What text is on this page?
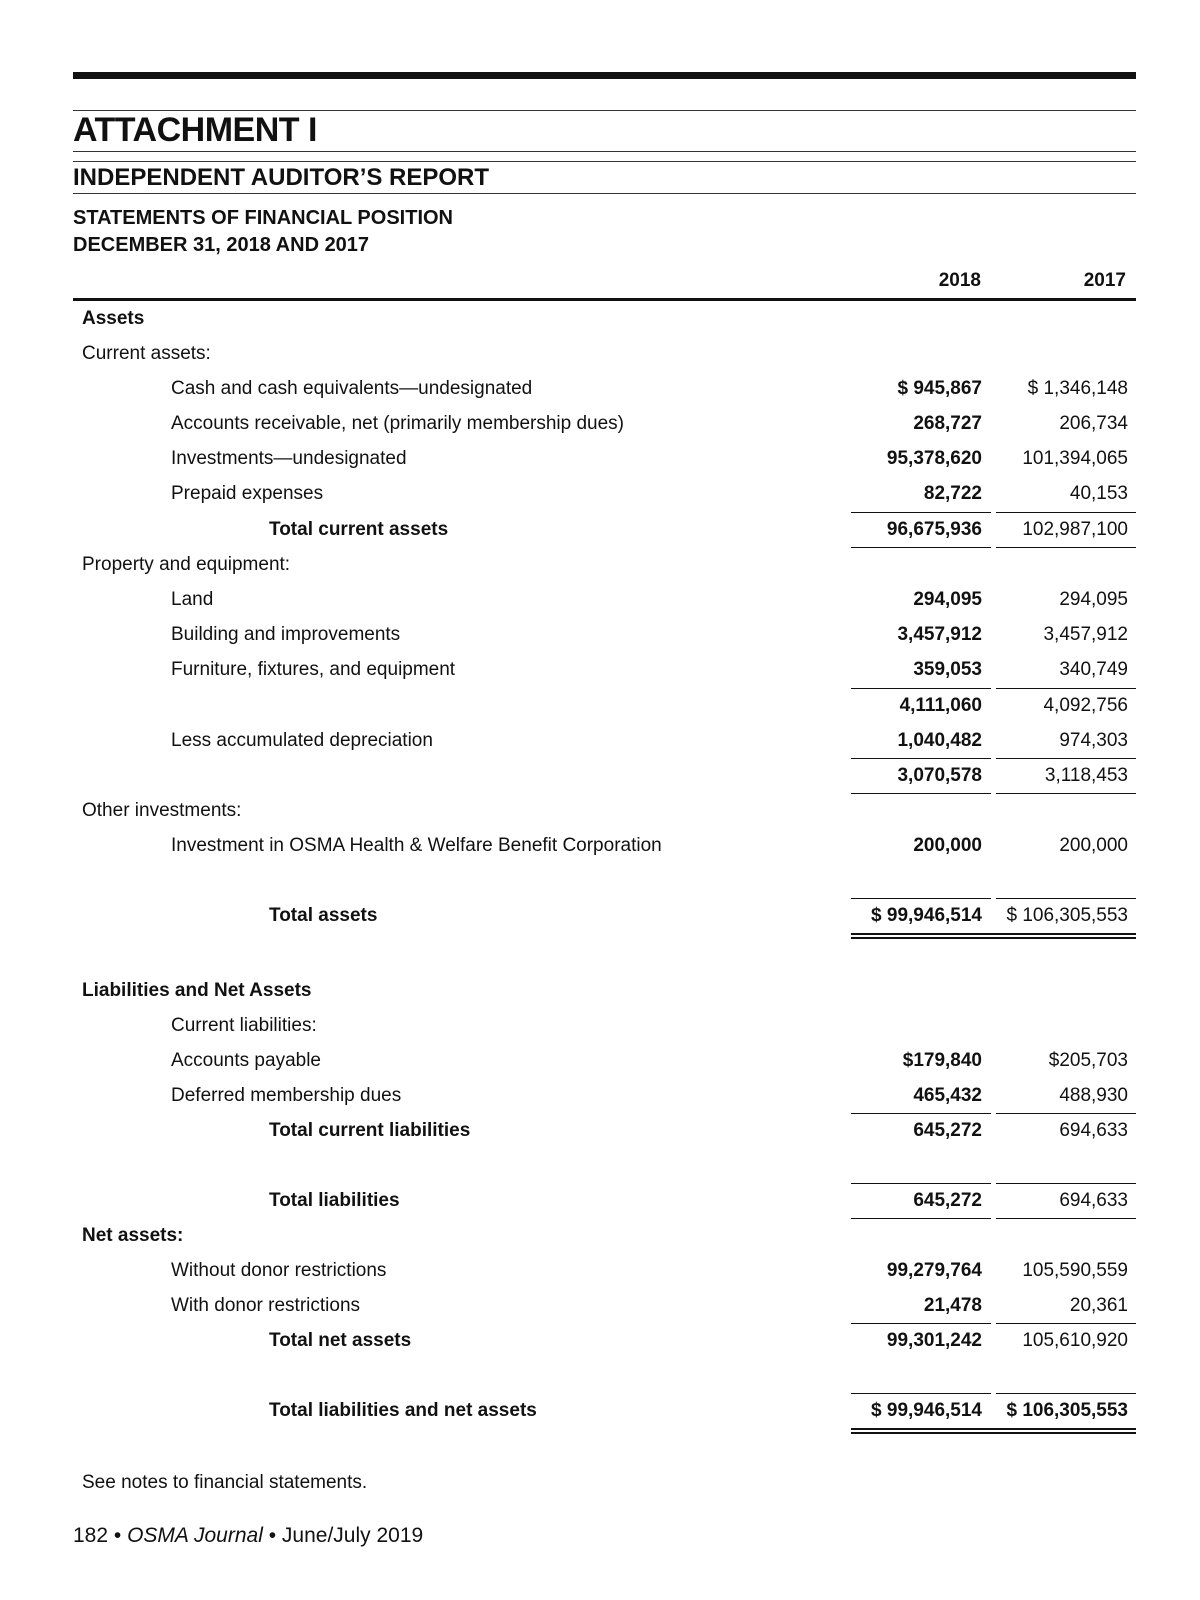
ATTACHMENT I
INDEPENDENT AUDITOR’S REPORT
STATEMENTS OF FINANCIAL POSITION
DECEMBER 31, 2018 AND 2017
2018	2017
Assets
Current assets:
Cash and cash equivalents—undesignated	$ 945,867 $ 1,346,148
Accounts receivable, net (primarily membership dues)	268,727	206,734
Investments—undesignated	95,378,620 101,394,065
Prepaid expenses	82,722	40,153
Total current assets	96,675,936 102,987,100
Property and equipment:
Land	294,095	294,095
Building and improvements	3,457,912	3,457,912
Furniture, fixtures, and equipment	359,053	340,749
4,111,060	4,092,756
Less accumulated depreciation	1,040,482	974,303
3,070,578	3,118,453
Other investments:
Investment in OSMA Health & Welfare Benefit Corporation	200,000	200,000
Total assets	$ 99,946,514 $ 106,305,553
Liabilities and Net Assets
Current liabilities:
Accounts payable	$179,840	$205,703
Deferred membership dues	465,432	488,930
Total current liabilities	645,272	694,633
Total liabilities	645,272	694,633
Net assets:
Without donor restrictions	99,279,764 105,590,559
With donor restrictions	21,478	20,361
Total net assets	99,301,242 105,610,920
Total liabilities and net assets	$ 99,946,514 $ 106,305,553
See notes to financial statements.
182 • OSMA Journal • June/July 2019
